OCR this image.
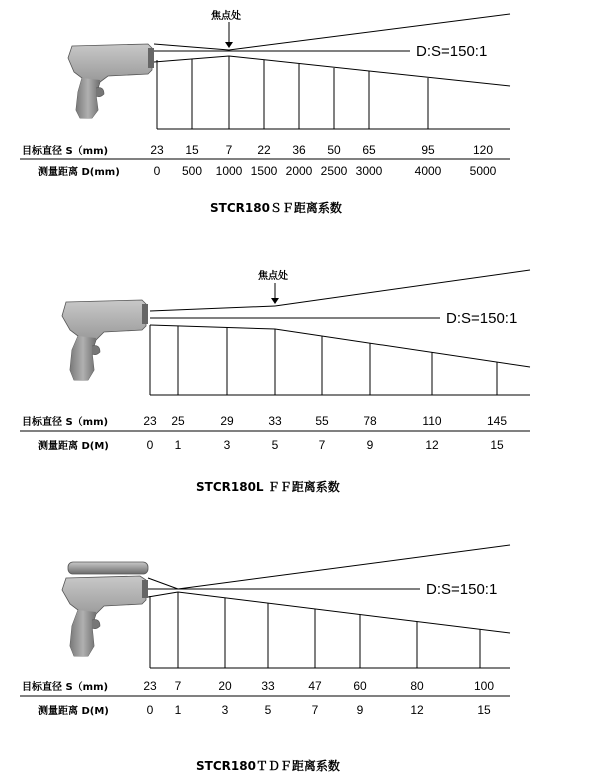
焦点处
D:S=150:1
目标直径 S（mm)	23 15 7 22 36 50 65	95	120
测量距离 D(mm)	0 500 1000 1500 2000 2500 3000	4000 5000
STCR180ＳＦ距离系数
焦点处
D:S=150:1
目标直径 S（mm)	23 25	29	33	55	78	110	145
测量距离 D(M)	0 1	3	5	7	9	12	15
STCR180L ＦＦ距离系数
D:S=150:1
目标直径 S（mm)	23 7	20 33	47	60	80	100
测量距离 D(M)	0 1	3	5	7	9	12	15
STCR180ＴＤＦ距离系数
